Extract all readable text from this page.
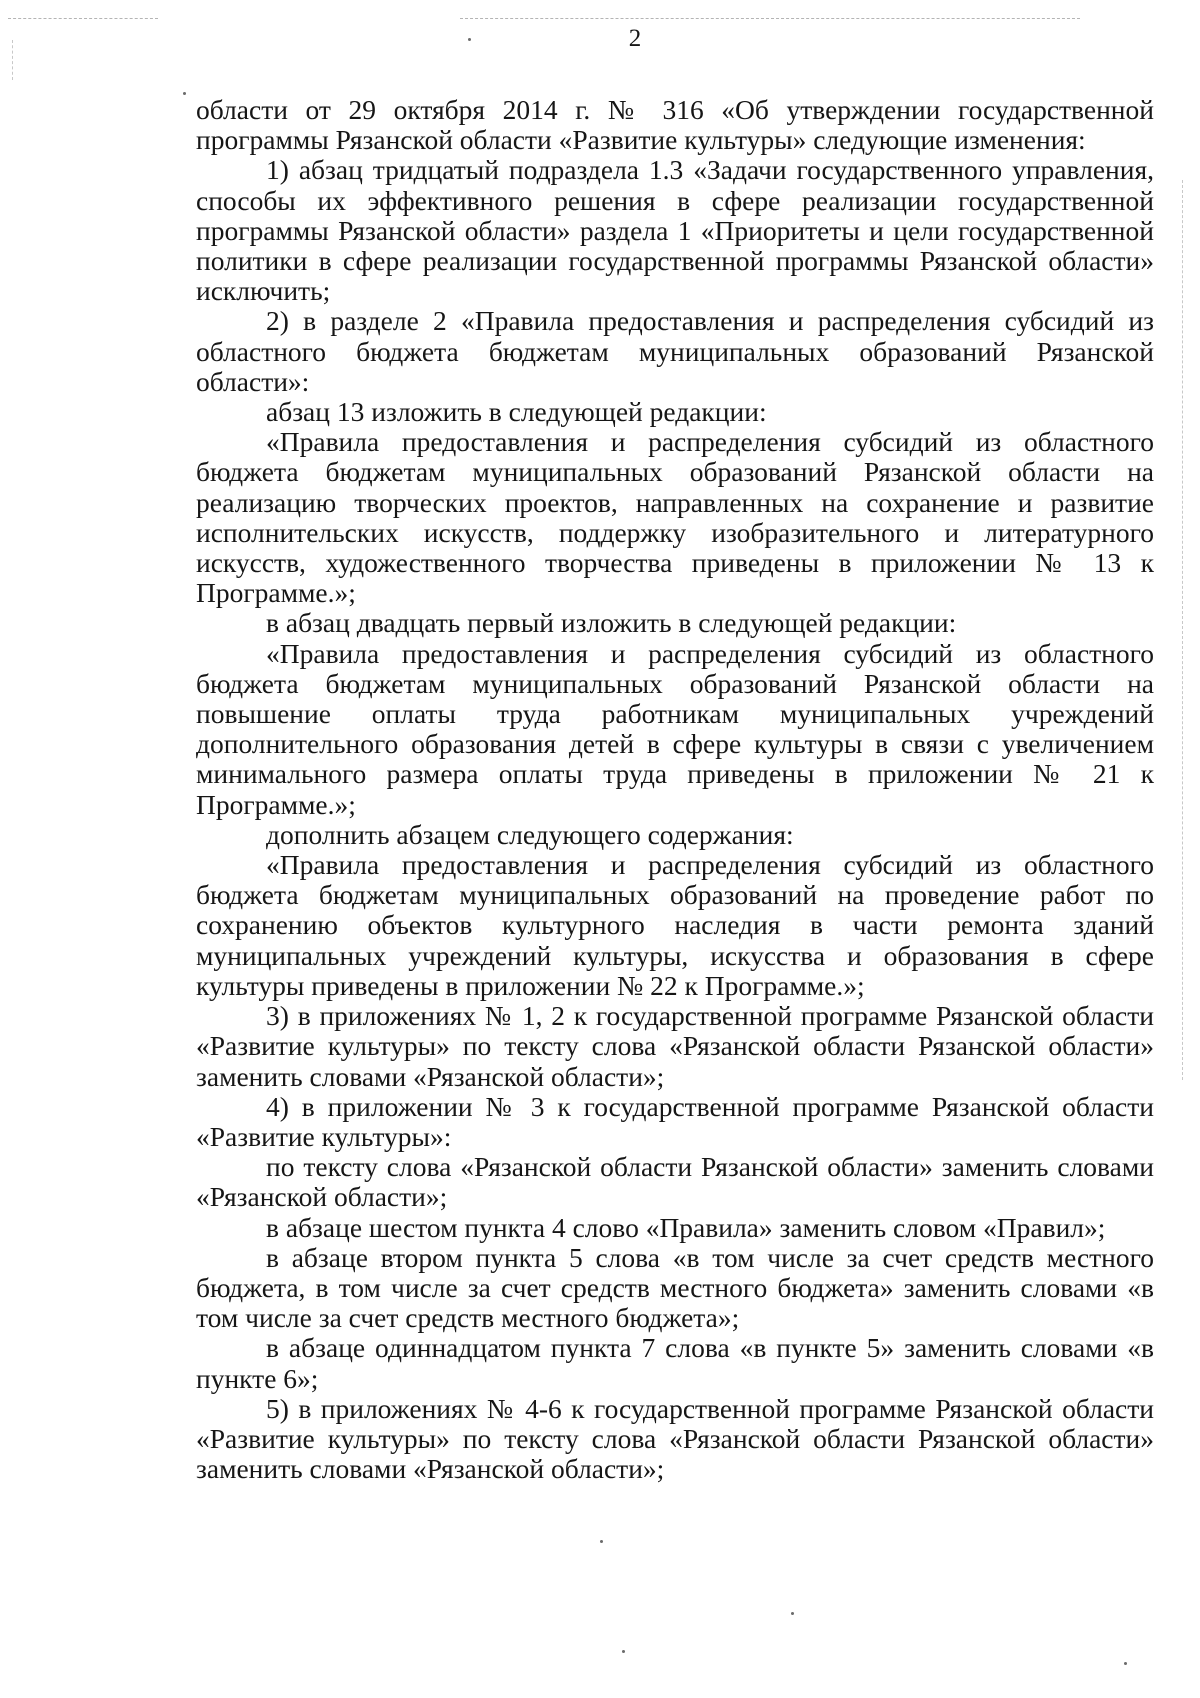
2

области от 29 октября 2014 г. № 316 «Об утверждении государственной программы Рязанской области «Развитие культуры» следующие изменения:

1) абзац тридцатый подраздела 1.3 «Задачи государственного управления, способы их эффективного решения в сфере реализации государственной программы Рязанской области» раздела 1 «Приоритеты и цели государственной политики в сфере реализации государственной программы Рязанской области» исключить;

2) в разделе 2 «Правила предоставления и распределения субсидий из областного бюджета бюджетам муниципальных образований Рязанской области»:

абзац 13 изложить в следующей редакции:

«Правила предоставления и распределения субсидий из областного бюджета бюджетам муниципальных образований Рязанской области на реализацию творческих проектов, направленных на сохранение и развитие исполнительских искусств, поддержку изобразительного и литературного искусств, художественного творчества приведены в приложении № 13 к Программе.»;

в абзац двадцать первый изложить в следующей редакции:

«Правила предоставления и распределения субсидий из областного бюджета бюджетам муниципальных образований Рязанской области на повышение оплаты труда работникам муниципальных учреждений дополнительного образования детей в сфере культуры в связи с увеличением минимального размера оплаты труда приведены в приложении № 21 к Программе.»;

дополнить абзацем следующего содержания:

«Правила предоставления и распределения субсидий из областного бюджета бюджетам муниципальных образований на проведение работ по сохранению объектов культурного наследия в части ремонта зданий муниципальных учреждений культуры, искусства и образования в сфере культуры приведены в приложении № 22 к Программе.»;

3) в приложениях № 1, 2 к государственной программе Рязанской области «Развитие культуры» по тексту слова «Рязанской области Рязанской области» заменить словами «Рязанской области»;

4) в приложении № 3 к государственной программе Рязанской области «Развитие культуры»:

по тексту слова «Рязанской области Рязанской области» заменить словами «Рязанской области»;

в абзаце шестом пункта 4 слово «Правила» заменить словом «Правил»;

в абзаце втором пункта 5 слова «в том числе за счет средств местного бюджета, в том числе за счет средств местного бюджета» заменить словами «в том числе за счет средств местного бюджета»;

в абзаце одиннадцатом пункта 7 слова «в пункте 5» заменить словами «в пункте 6»;

5) в приложениях № 4-6 к государственной программе Рязанской области «Развитие культуры» по тексту слова «Рязанской области Рязанской области» заменить словами «Рязанской области»;
